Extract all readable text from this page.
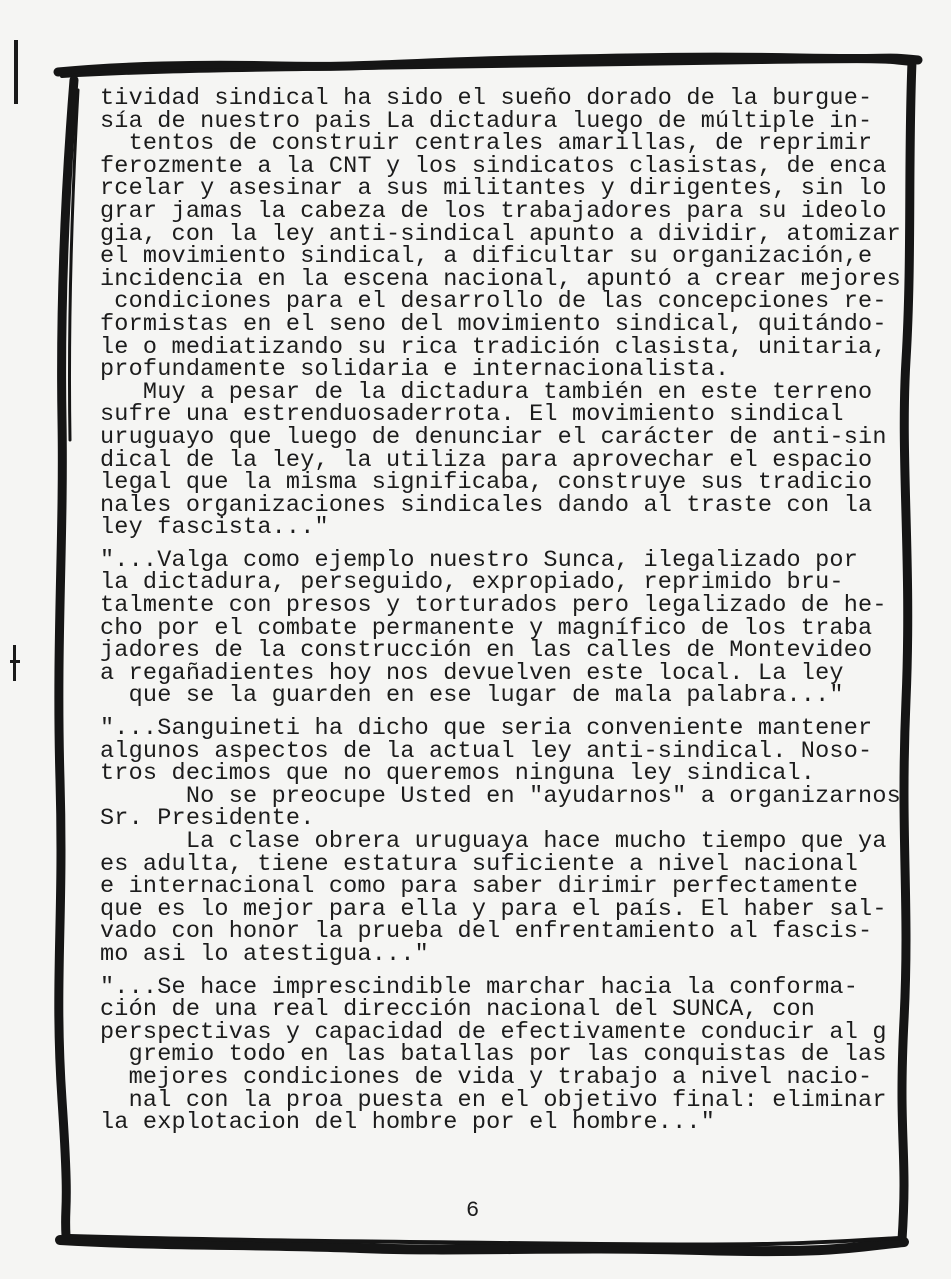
tividad sindical ha sido el sueño dorado de la burgue-
sía de nuestro pais La dictadura luego de múltiple in-
tentos de construir centrales amarillas, de reprimir
ferozmente a la CNT y los sindicatos clasistas, de enca
rcelar y asesinar a sus militantes y dirigentes, sin lo
grar jamas la cabeza de los trabajadores para su ideolo
gia, con la ley anti-sindical apunto a dividir, atomizar
el movimiento sindical, a dificultar su organización,e
incidencia en la escena nacional, apuntó a crear mejores
condiciones para el desarrollo de las concepciones re-
formistas en el seno del movimiento sindical, quitándo-
le o mediatizando su rica tradición clasista, unitaria,
profundamente solidaria e internacionalista.
Muy a pesar de la dictadura también en este terreno
sufre una estrenduosaderrota. El movimiento sindical
uruguayo que luego de denunciar el carácter de anti-sin
dical de la ley, la utiliza para aprovechar el espacio
legal que la misma significaba, construye sus tradicio
nales organizaciones sindicales dando al traste con la
ley fascista..."
"...Valga como ejemplo nuestro Sunca, ilegalizado por
la dictadura, perseguido, expropiado, reprimido bru-
talmente con presos y torturados pero legalizado de he-
cho por el combate permanente y magnífico de los traba
jadores de la construcción en las calles de Montevideo
a regañadientes hoy nos devuelven este local. La ley
que se la guarden en ese lugar de mala palabra..."
"...Sanguineti ha dicho que seria conveniente mantener
algunos aspectos de la actual ley anti-sindical. Noso-
tros decimos que no queremos ninguna ley sindical.
No se preocupe Usted en "ayudarnos" a organizarnos
Sr. Presidente.
La clase obrera uruguaya hace mucho tiempo que ya
es adulta, tiene estatura suficiente a nivel nacional
e internacional como para saber dirimir perfectamente
que es lo mejor para ella y para el país. El haber sal-
vado con honor la prueba del enfrentamiento al fascis-
mo asi lo atestigua..."
"...Se hace imprescindible marchar hacia la conforma-
ción de una real dirección nacional del SUNCA, con
perspectivas y capacidad de efectivamente conducir al g
gremio todo en las batallas por las conquistas de las
mejores condiciones de vida y trabajo a nivel nacio-
nal con la proa puesta en el objetivo final: eliminar
la explotacion del hombre por el hombre..."
6
